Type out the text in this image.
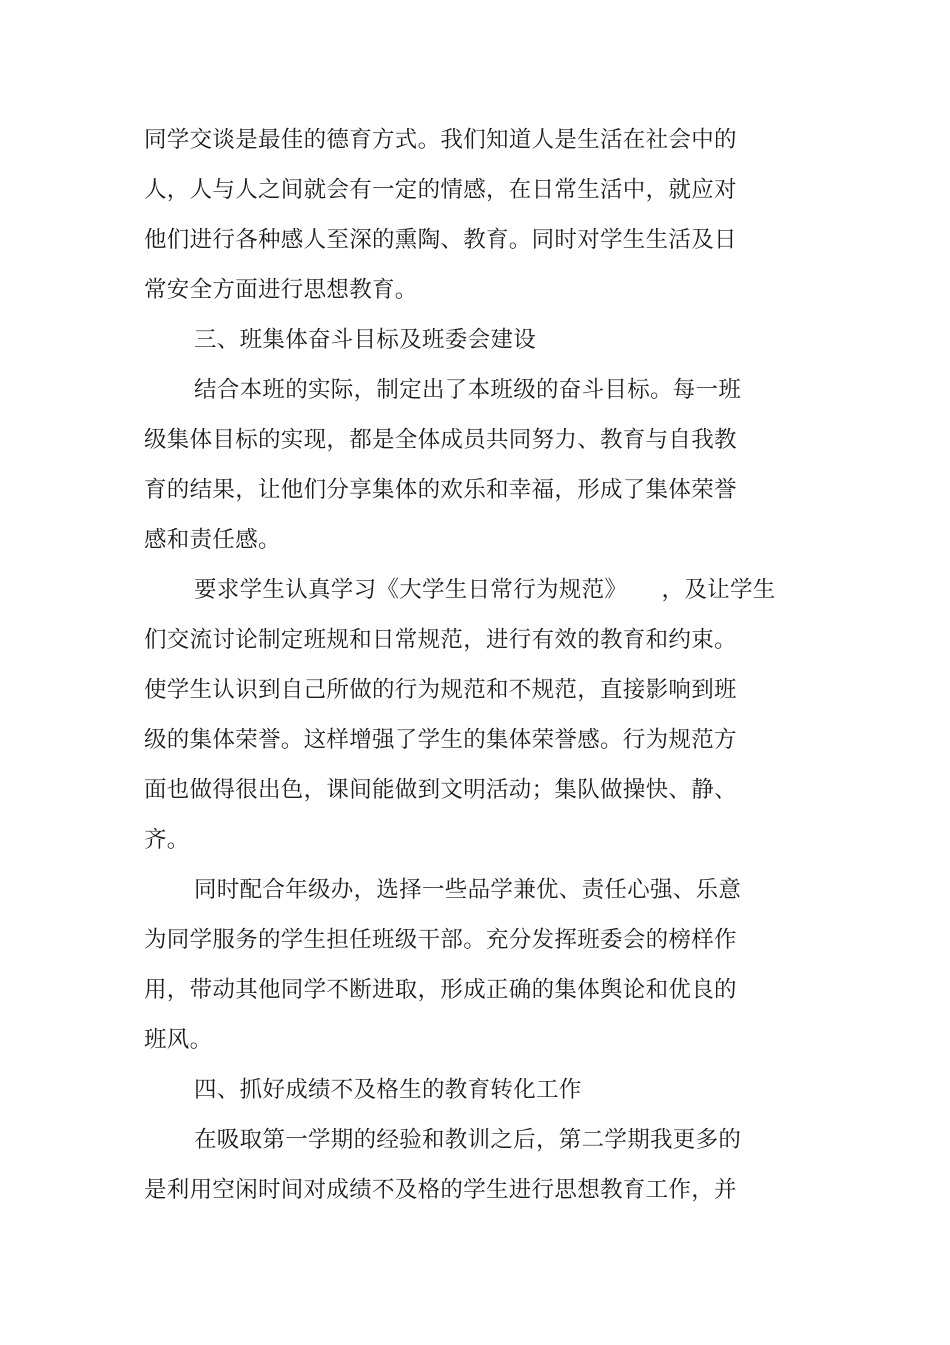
同学交谈是最佳的德育方式。我们知道人是生活在社会中的
人，人与人之间就会有一定的情感，在日常生活中，就应对
他们进行各种感人至深的熏陶、教育。同时对学生生活及日
常安全方面进行思想教育。
三、班集体奋斗目标及班委会建设
结合本班的实际，制定出了本班级的奋斗目标。每一班
级集体目标的实现，都是全体成员共同努力、教育与自我教
育的结果，让他们分享集体的欢乐和幸福，形成了集体荣誉
感和责任感。
要求学生认真学习《大学生日常行为规范》　　，及让学生
们交流讨论制定班规和日常规范，进行有效的教育和约束。
使学生认识到自己所做的行为规范和不规范，直接影响到班
级的集体荣誉。这样增强了学生的集体荣誉感。行为规范方
面也做得很出色，课间能做到文明活动；集队做操快、静、
齐。
同时配合年级办，选择一些品学兼优、责任心强、乐意
为同学服务的学生担任班级干部。充分发挥班委会的榜样作
用，带动其他同学不断进取，形成正确的集体舆论和优良的
班风。
四、抓好成绩不及格生的教育转化工作
在吸取第一学期的经验和教训之后，第二学期我更多的
是利用空闲时间对成绩不及格的学生进行思想教育工作，并
